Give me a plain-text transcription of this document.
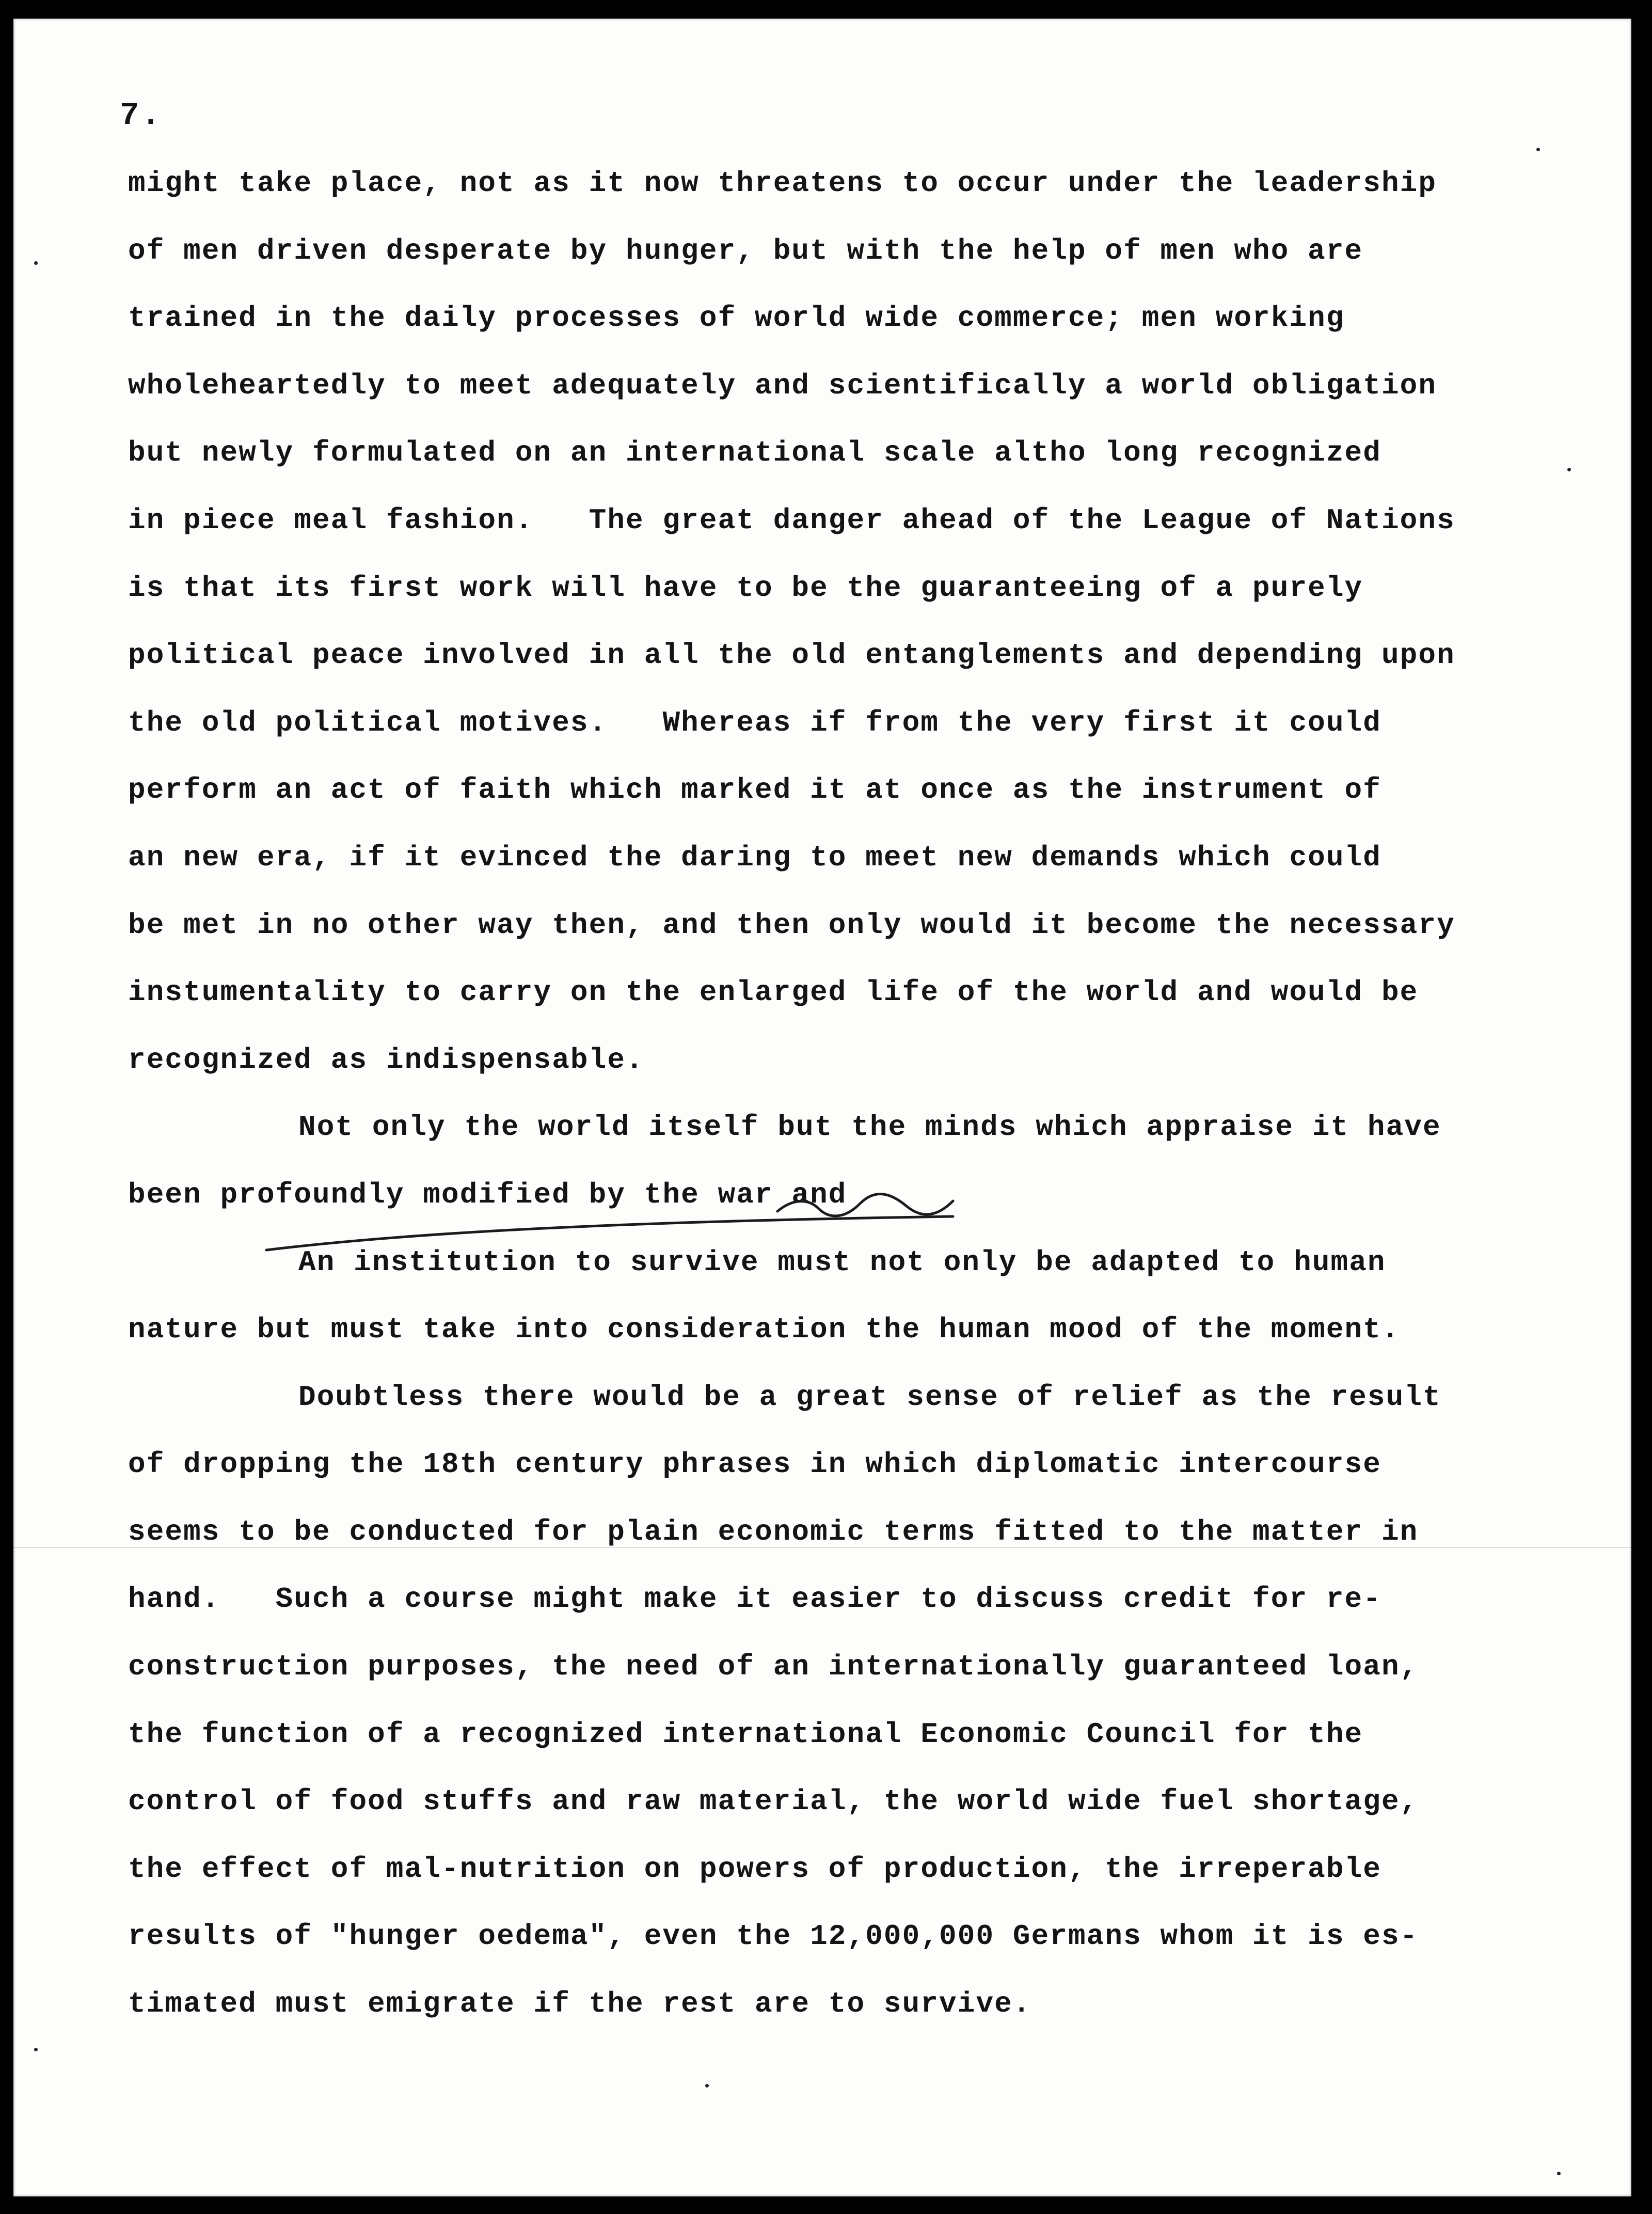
7.
might take place, not as it now threatens to occur under the leadership
of men driven desperate by hunger, but with the help of men who are
trained in the daily processes of world wide commerce; men working
wholeheartedly to meet adequately and scientifically a world obligation
but newly formulated on an international scale altho long recognized
in piece meal fashion.   The great danger ahead of the League of Nations
is that its first work will have to be the guaranteeing of a purely
political peace involved in all the old entanglements and depending upon
the old political motives.   Whereas if from the very first it could
perform an act of faith which marked it at once as the instrument of
an new era, if it evinced the daring to meet new demands which could
be met in no other way then, and then only would it become the necessary
instumentality to carry on the enlarged life of the world and would be
recognized as indispensable.
Not only the world itself but the minds which appraise it have
been profoundly modified by the war and
An institution to survive must not only be adapted to human
nature but must take into consideration the human mood of the moment.
Doubtless there would be a great sense of relief as the result
of dropping the 18th century phrases in which diplomatic intercourse
seems to be conducted for plain economic terms fitted to the matter in
hand.   Such a course might make it easier to discuss credit for re-
construction purposes, the need of an internationally guaranteed loan,
the function of a recognized international Economic Council for the
control of food stuffs and raw material, the world wide fuel shortage,
the effect of mal-nutrition on powers of production, the irreperable
results of "hunger oedema", even the 12,000,000 Germans whom it is es-
timated must emigrate if the rest are to survive.
